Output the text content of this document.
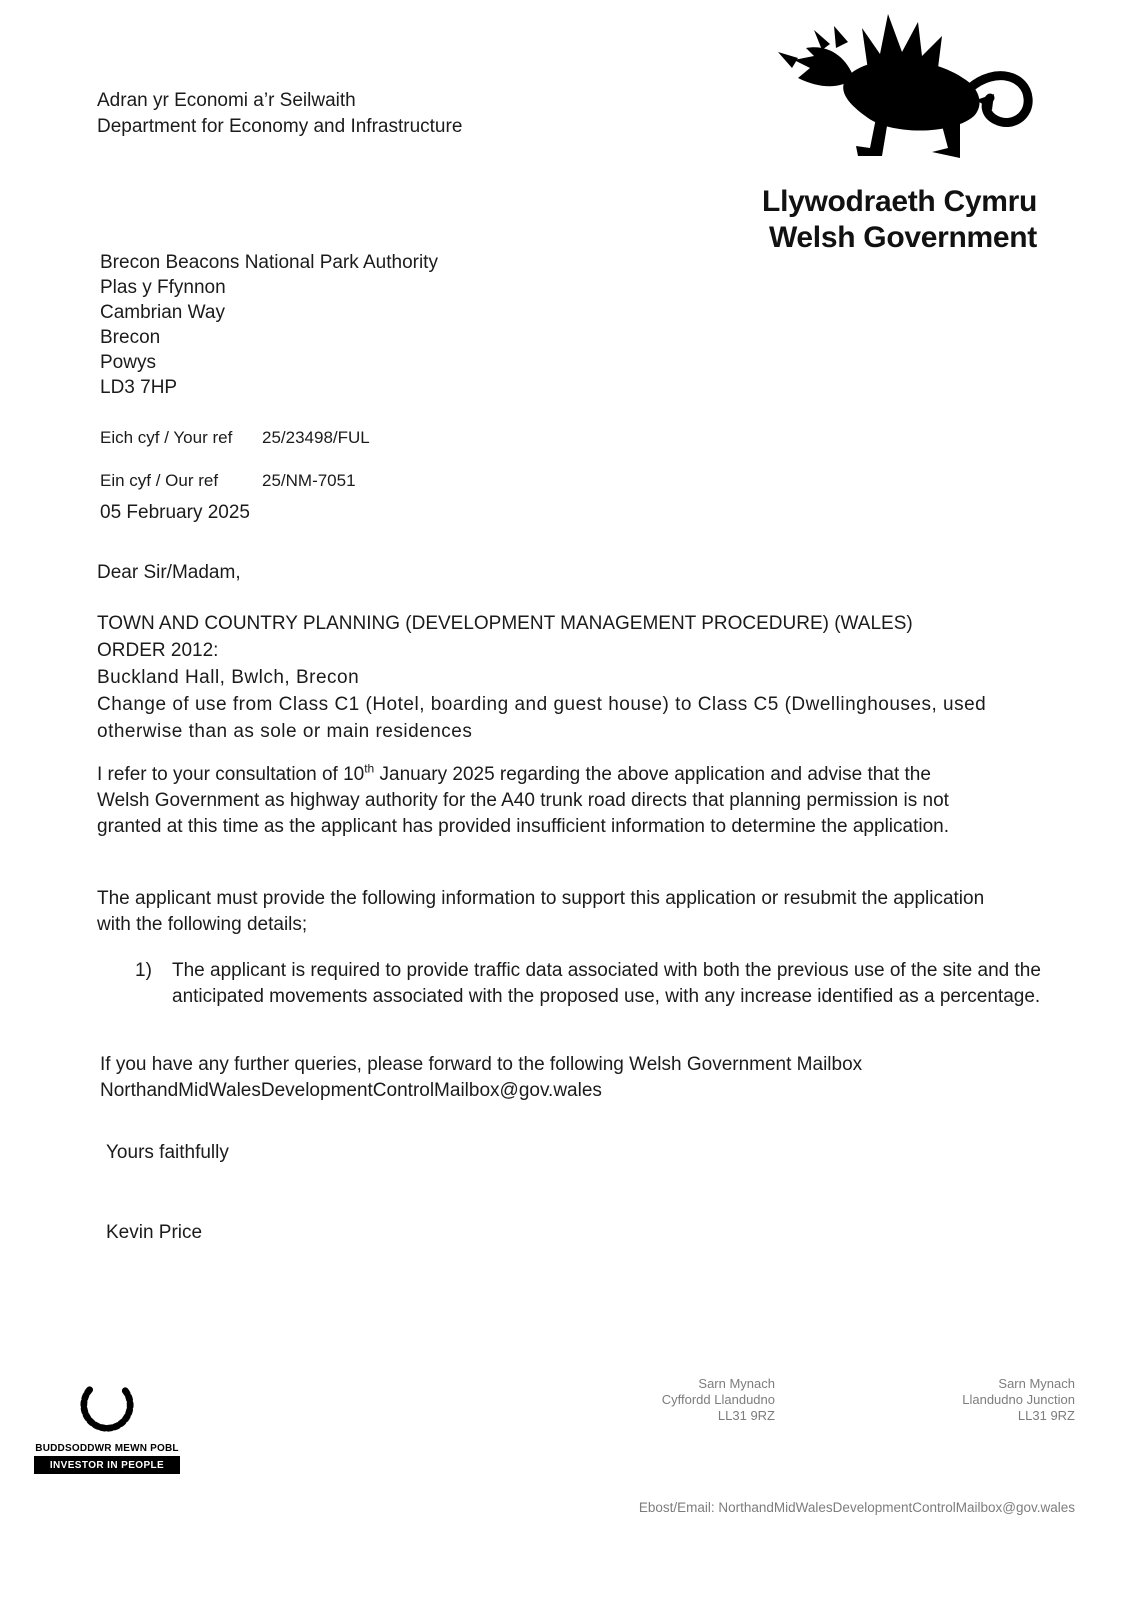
Adran yr Economi a’r Seilwaith
Department for Economy and Infrastructure
Llywodraeth Cymru
Welsh Government
Brecon Beacons National Park Authority
Plas y Ffynnon
Cambrian Way
Brecon
Powys
LD3 7HP
Eich cyf / Your ref	25/23498/FUL
Ein cyf / Our ref	25/NM-7051
05 February 2025
Dear Sir/Madam,
TOWN AND COUNTRY PLANNING (DEVELOPMENT MANAGEMENT PROCEDURE) (WALES)
ORDER 2012:
Buckland Hall, Bwlch, Brecon
Change of use from Class C1 (Hotel, boarding and guest house) to Class C5 (Dwellinghouses, used otherwise than as sole or main residences
I refer to your consultation of 10th January 2025 regarding the above application and advise that the Welsh Government as highway authority for the A40 trunk road directs that planning permission is not granted at this time as the applicant has provided insufficient information to determine the application.
The applicant must provide the following information to support this application or resubmit the application with the following details;
1)	The applicant is required to provide traffic data associated with both the previous use of the site and the anticipated movements associated with the proposed use, with any increase identified as a percentage.
If you have any further queries, please forward to the following Welsh Government Mailbox
NorthandMidWalesDevelopmentControlMailbox@gov.wales
Yours faithfully
Kevin Price
BUDDSODDWR MEWN POBL
INVESTOR IN PEOPLE
Sarn Mynach
Cyffordd Llandudno
LL31 9RZ
Sarn Mynach
Llandudno Junction
LL31 9RZ
Ebost/Email: NorthandMidWalesDevelopmentControlMailbox@gov.wales
